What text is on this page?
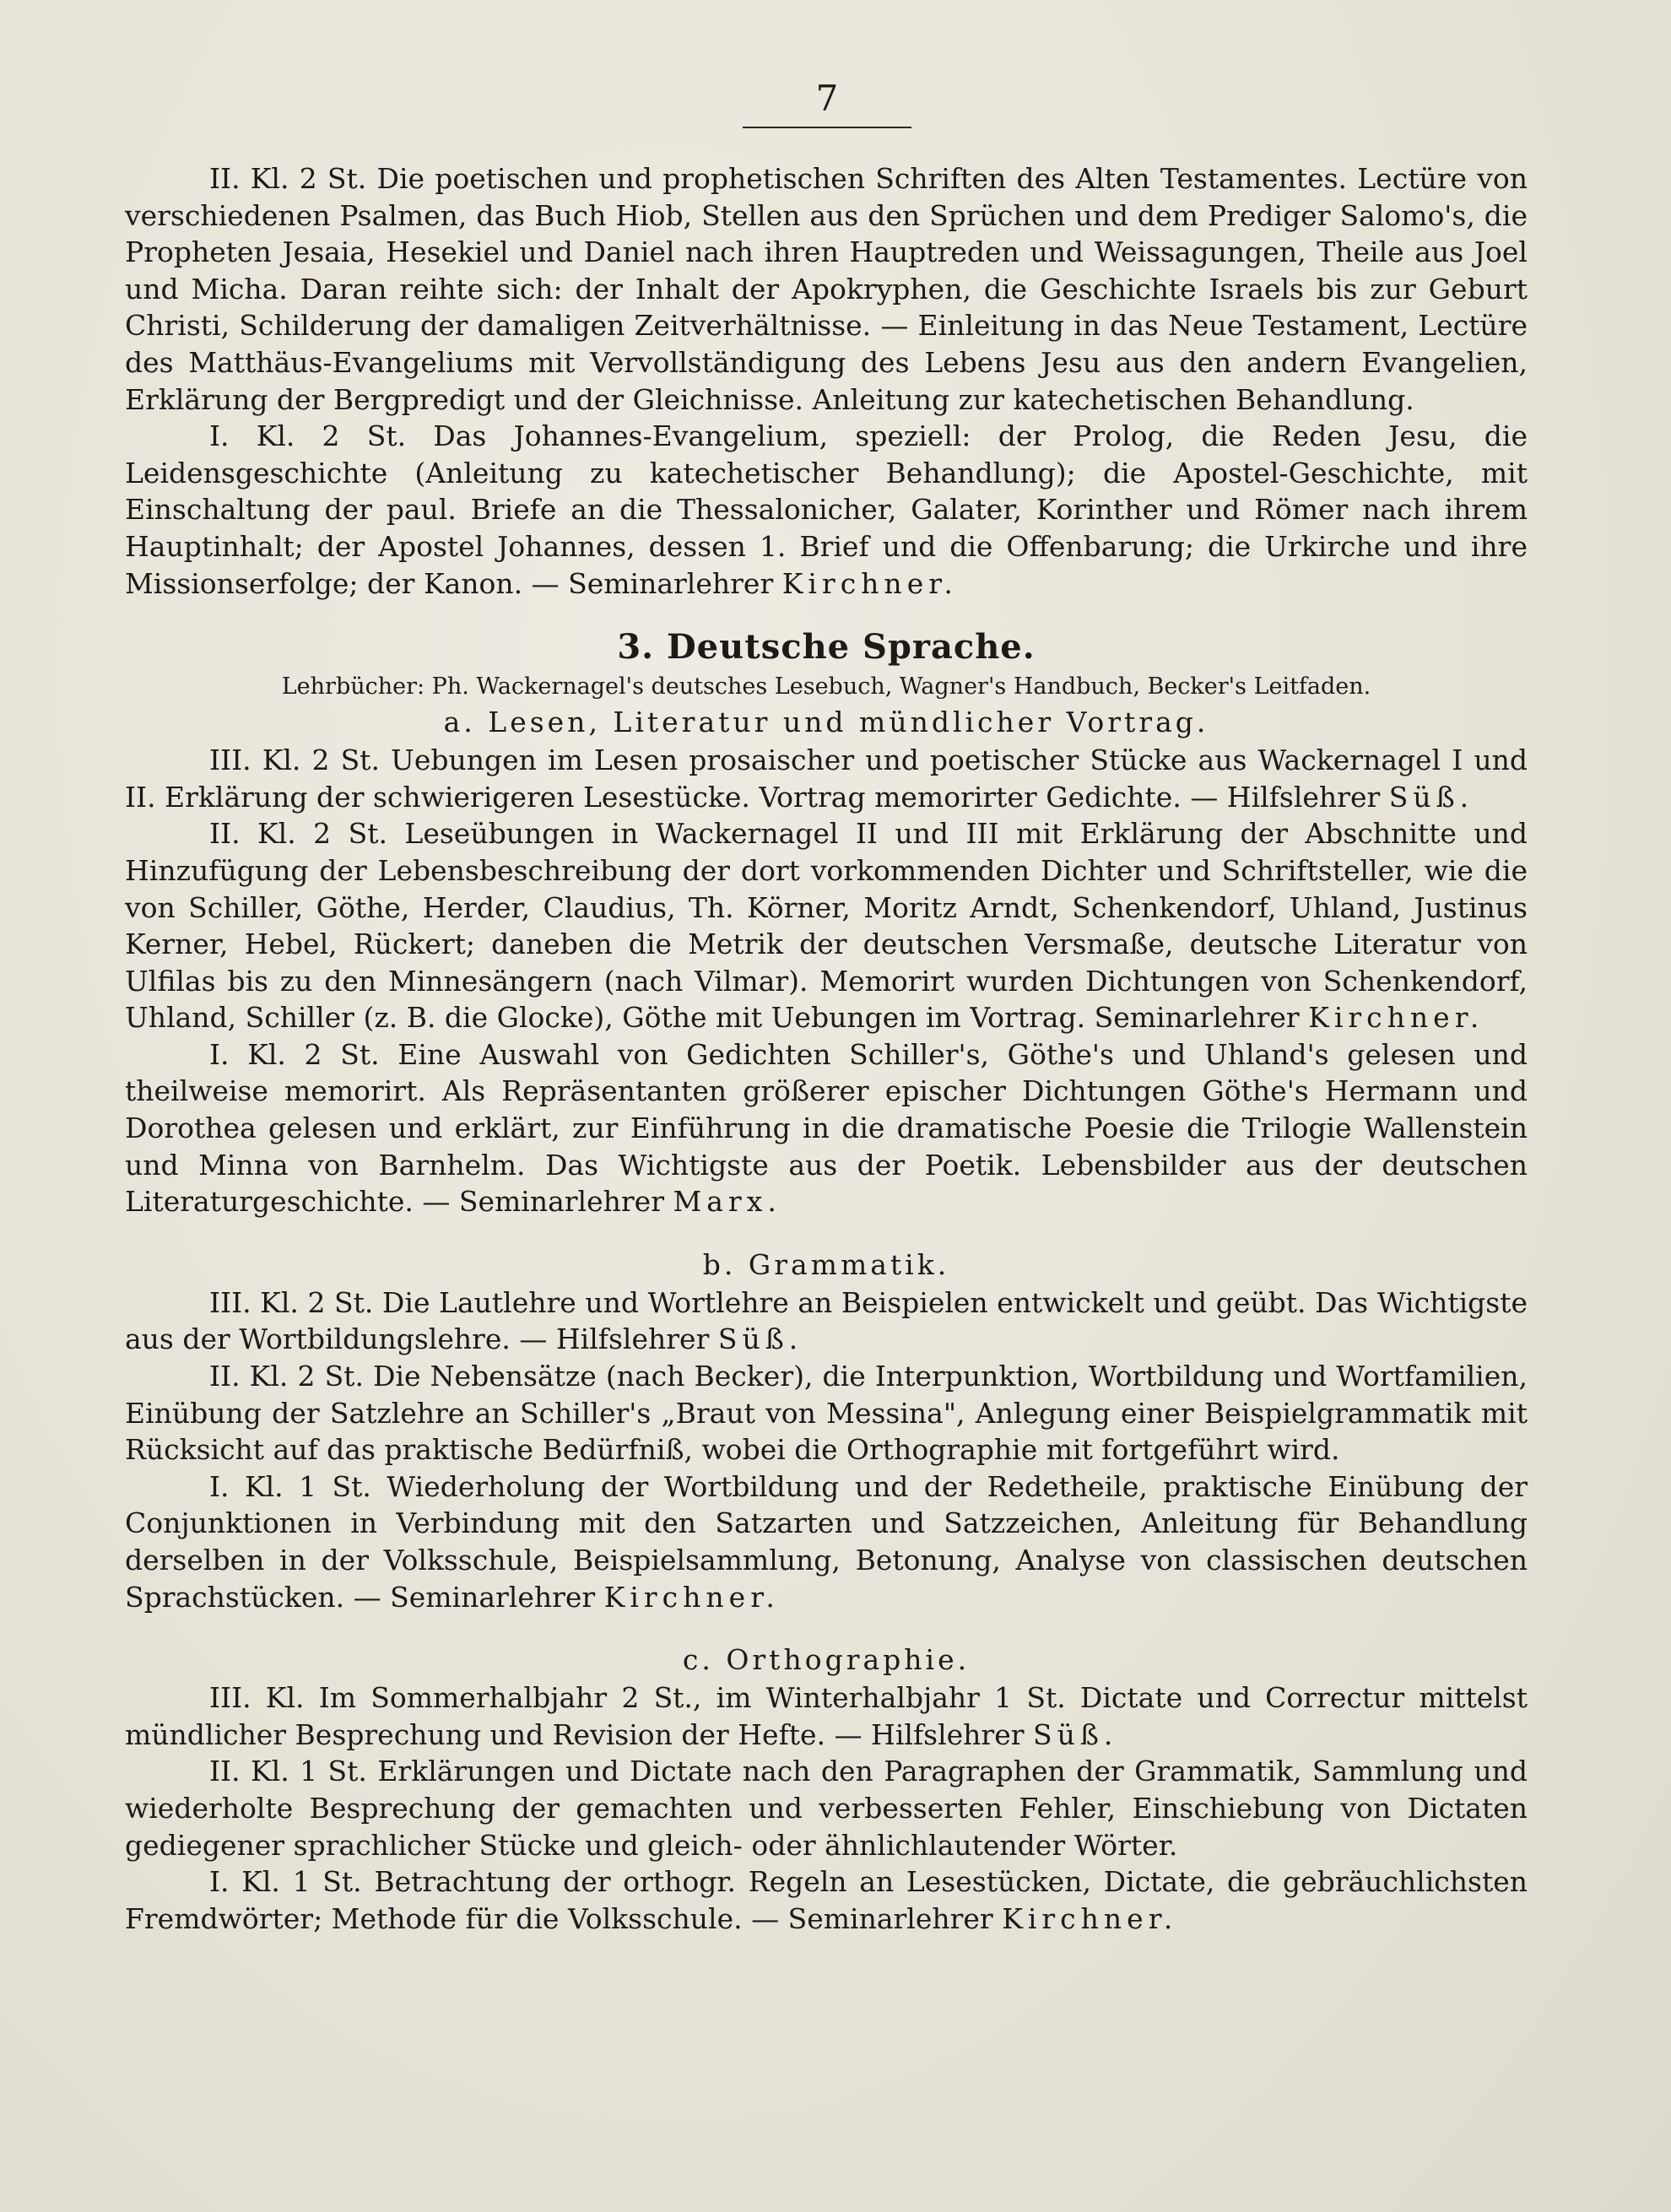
7

II. Kl. 2 St. Die poetischen und prophetischen Schriften des Alten Testamentes. Lectüre von verschiedenen Psalmen, das Buch Hiob, Stellen aus den Sprüchen und dem Prediger Salomo's, die Propheten Jesaia, Hesekiel und Daniel nach ihren Hauptreden und Weissagungen, Theile aus Joel und Micha. Daran reihte sich: der Inhalt der Apokryphen, die Geschichte Israels bis zur Geburt Christi, Schilderung der damaligen Zeitverhältnisse. — Einleitung in das Neue Testament, Lectüre des Matthäus-Evangeliums mit Vervollständigung des Lebens Jesu aus den andern Evangelien, Erklärung der Bergpredigt und der Gleichnisse. Anleitung zur katechetischen Behandlung.

I. Kl. 2 St. Das Johannes-Evangelium, speziell: der Prolog, die Reden Jesu, die Leidensgeschichte (Anleitung zu katechetischer Behandlung); die Apostel-Geschichte, mit Einschaltung der paul. Briefe an die Thessalonicher, Galater, Korinther und Römer nach ihrem Hauptinhalt; der Apostel Johannes, dessen 1. Brief und die Offenbarung; die Urkirche und ihre Missionserfolge; der Kanon. — Seminarlehrer Kirchner.

3. Deutsche Sprache.
Lehrbücher: Ph. Wackernagel's deutsches Lesebuch, Wagner's Handbuch, Becker's Leitfaden.
a. Lesen, Literatur und mündlicher Vortrag.

III. Kl. 2 St. Uebungen im Lesen prosaischer und poetischer Stücke aus Wackernagel I und II. Erklärung der schwierigeren Lesestücke. Vortrag memorirter Gedichte. — Hilfslehrer Süß.

II. Kl. 2 St. Leseübungen in Wackernagel II und III mit Erklärung der Abschnitte und Hinzufügung der Lebensbeschreibung der dort vorkommenden Dichter und Schriftsteller, wie die von Schiller, Göthe, Herder, Claudius, Th. Körner, Moritz Arndt, Schenkendorf, Uhland, Justinus Kerner, Hebel, Rückert; daneben die Metrik der deutschen Versmaße, deutsche Literatur von Ulfilas bis zu den Minnesängern (nach Vilmar). Memorirt wurden Dichtungen von Schenkendorf, Uhland, Schiller (z. B. die Glocke), Göthe mit Uebungen im Vortrag. Seminarlehrer Kirchner.

I. Kl. 2 St. Eine Auswahl von Gedichten Schiller's, Göthe's und Uhland's gelesen und theilweise memorirt. Als Repräsentanten größerer epischer Dichtungen Göthe's Hermann und Dorothea gelesen und erklärt, zur Einführung in die dramatische Poesie die Trilogie Wallenstein und Minna von Barnhelm. Das Wichtigste aus der Poetik. Lebensbilder aus der deutschen Literaturgeschichte. — Seminarlehrer Marx.

b. Grammatik.

III. Kl. 2 St. Die Lautlehre und Wortlehre an Beispielen entwickelt und geübt. Das Wichtigste aus der Wortbildungslehre. — Hilfslehrer Süß.

II. Kl. 2 St. Die Nebensätze (nach Becker), die Interpunktion, Wortbildung und Wortfamilien, Einübung der Satzlehre an Schiller's „Braut von Messina", Anlegung einer Beispielgrammatik mit Rücksicht auf das praktische Bedürfniß, wobei die Orthographie mit fortgeführt wird.

I. Kl. 1 St. Wiederholung der Wortbildung und der Redetheile, praktische Einübung der Conjunktionen in Verbindung mit den Satzarten und Satzzeichen, Anleitung für Behandlung derselben in der Volksschule, Beispielsammlung, Betonung, Analyse von classischen deutschen Sprachstücken. — Seminarlehrer Kirchner.

c. Orthographie.

III. Kl. Im Sommerhalbjahr 2 St., im Winterhalbjahr 1 St. Dictate und Correctur mittelst mündlicher Besprechung und Revision der Hefte. — Hilfslehrer Süß.

II. Kl. 1 St. Erklärungen und Dictate nach den Paragraphen der Grammatik, Sammlung und wiederholte Besprechung der gemachten und verbesserten Fehler, Einschiebung von Dictaten gediegener sprachlicher Stücke und gleich- oder ähnlichlautender Wörter.

I. Kl. 1 St. Betrachtung der orthogr. Regeln an Lesestücken, Dictate, die gebräuchlichsten Fremdwörter; Methode für die Volksschule. — Seminarlehrer Kirchner.
